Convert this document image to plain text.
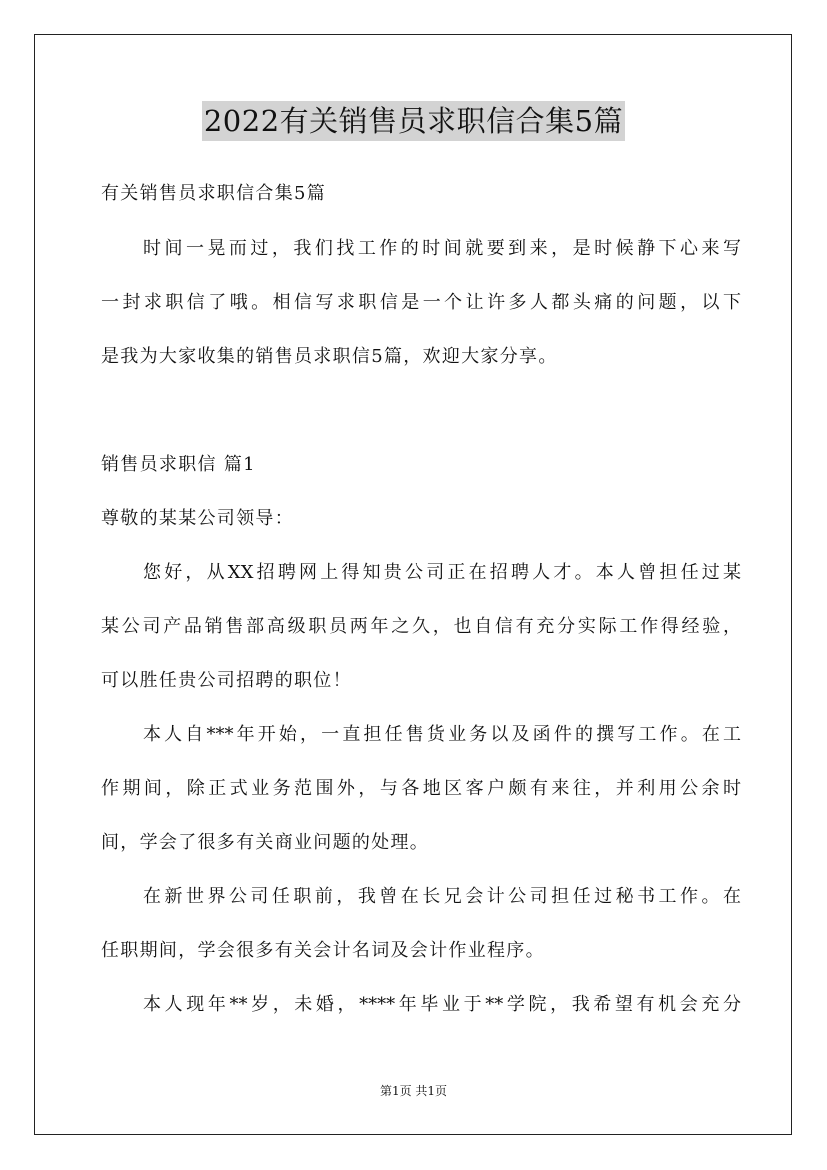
2022有关销售员求职信合集5篇
有关销售员求职信合集5篇
时间一晃而过，我们找工作的时间就要到来，是时候静下心来写
一封求职信了哦。相信写求职信是一个让许多人都头痛的问题，以下
是我为大家收集的销售员求职信5篇，欢迎大家分享。
销售员求职信 篇1
尊敬的某某公司领导：
您好，从XX招聘网上得知贵公司正在招聘人才。本人曾担任过某
某公司产品销售部高级职员两年之久，也自信有充分实际工作得经验，
可以胜任贵公司招聘的职位！
本人自***年开始，一直担任售货业务以及函件的撰写工作。在工
作期间，除正式业务范围外，与各地区客户颇有来往，并利用公余时
间，学会了很多有关商业问题的处理。
在新世界公司任职前，我曾在长兄会计公司担任过秘书工作。在
任职期间，学会很多有关会计名词及会计作业程序。
本人现年**岁，未婚，****年毕业于**学院，我希望有机会充分
第1页 共1页
